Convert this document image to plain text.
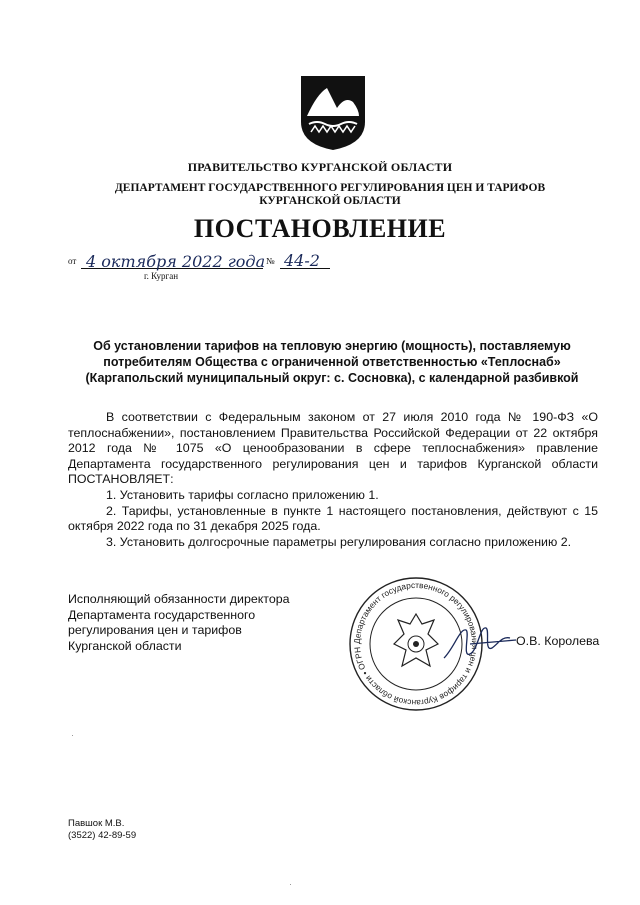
ПРАВИТЕЛЬСТВО КУРГАНСКОЙ ОБЛАСТИ
ДЕПАРТАМЕНТ ГОСУДАРСТВЕННОГО РЕГУЛИРОВАНИЯ ЦЕН И ТАРИФОВ КУРГАНСКОЙ ОБЛАСТИ
ПОСТАНОВЛЕНИЕ
от 4 октября 2022 года № 44-2
г. Курган
Об установлении тарифов на тепловую энергию (мощность), поставляемую потребителям Общества с ограниченной ответственностью «Теплоснаб» (Каргапольский муниципальный округ: с. Сосновка), с календарной разбивкой

В соответствии с Федеральным законом от 27 июля 2010 года № 190-ФЗ «О теплоснабжении», постановлением Правительства Российской Федерации от 22 октября 2012 года № 1075 «О ценообразовании в сфере теплоснабжения» правление Департамента государственного регулирования цен и тарифов Курганской области ПОСТАНОВЛЯЕТ:

1. Установить тарифы согласно приложению 1.

2. Тарифы, установленные в пункте 1 настоящего постановления, действуют с 15 октября 2022 года по 31 декабря 2025 года.

3. Установить долгосрочные параметры регулирования согласно приложению 2.

Исполняющий обязанности директора
Департамента государственного
регулирования цен и тарифов
Курганской области	Департамент государственного регулирования цен и тарифов Курганской области • ОГРН
О.В. Королева
Павшок М.В.
(3522) 42-89-59
